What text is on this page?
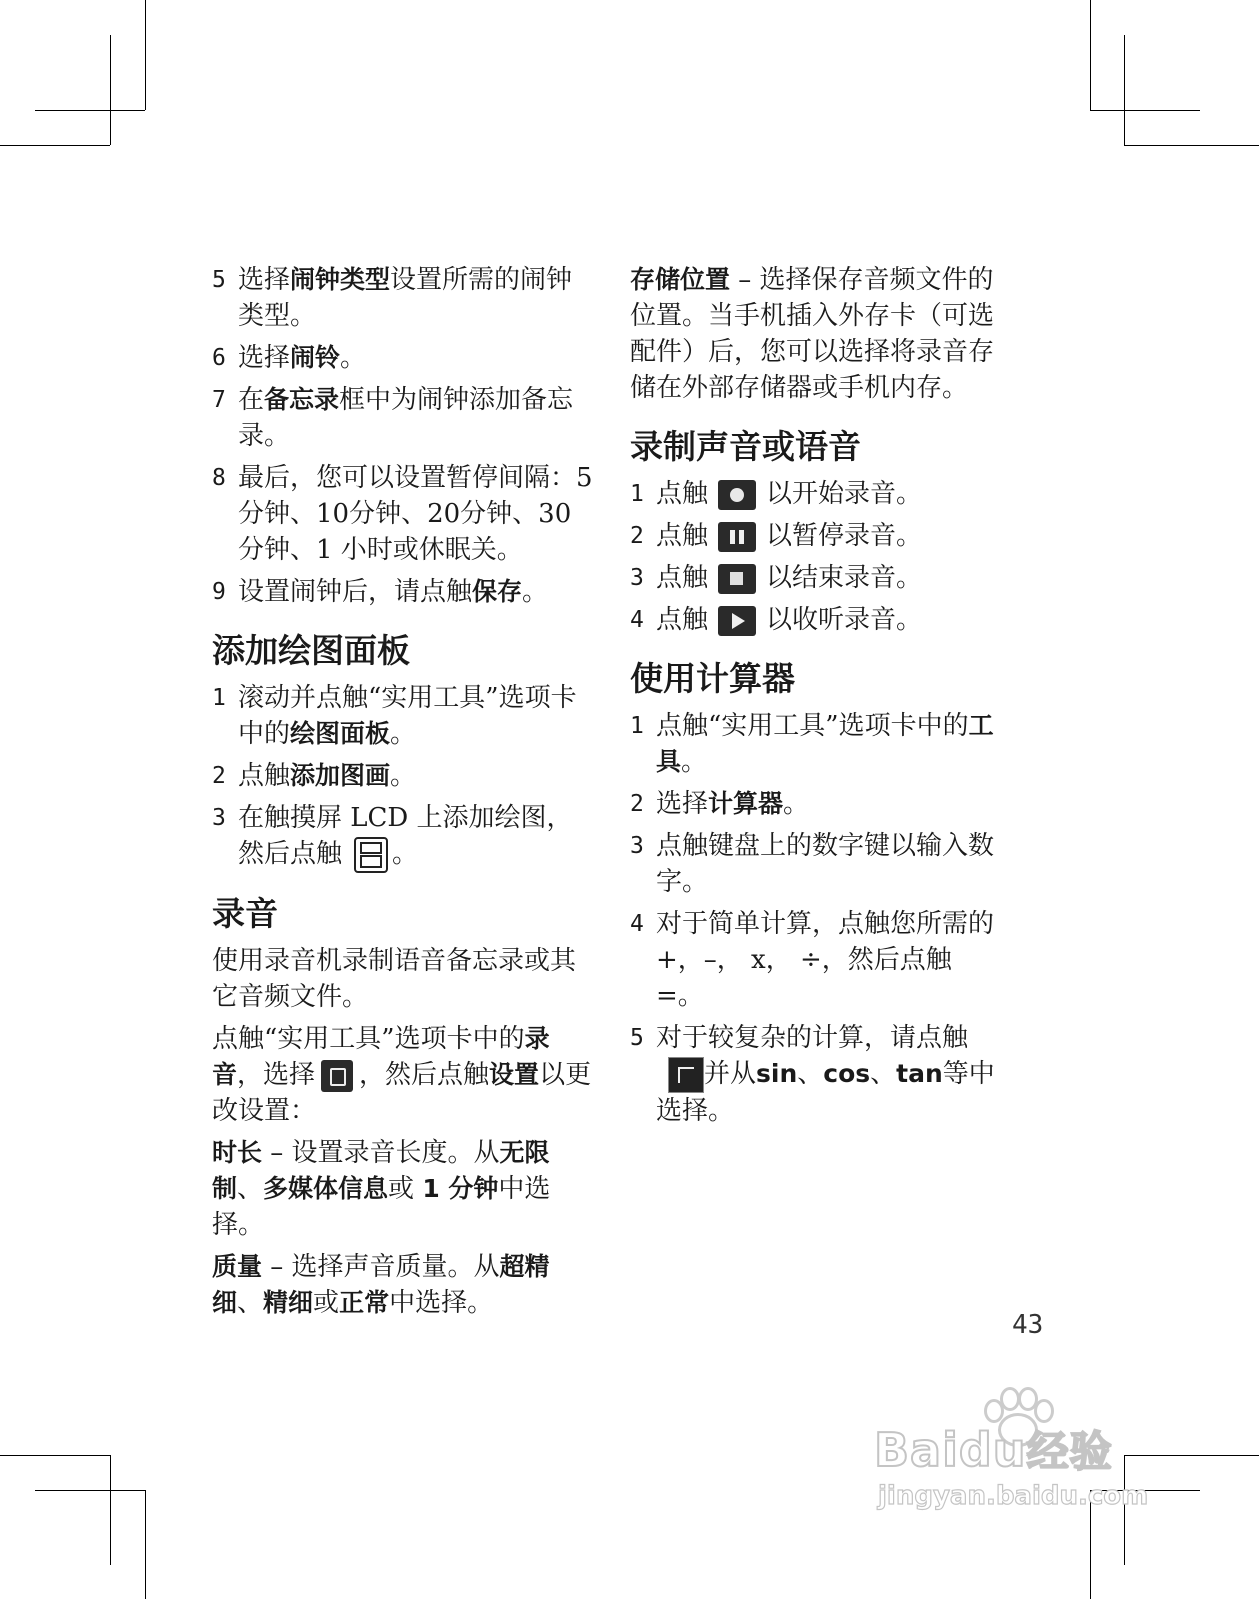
5 选择闹钟类型设置所需的闹钟类型。
6 选择闹铃。
7 在备忘录框中为闹钟添加备忘录。
8 最后，您可以设置暂停间隔：5 分钟、10分钟、20分钟、30 分钟、1 小时或休眠关。
9 设置闹钟后，请点触保存。
添加绘图面板
1 滚动并点触“实用工具”选项卡中的绘图面板。
2 点触添加图画。
3 在触摸屏 LCD 上添加绘图，然后点触 。
录音

使用录音机录制语音备忘录或其它音频文件。

点触“实用工具”选项卡中的录音，选择 ，然后点触设置以更改设置：

时长 – 设置录音长度。从无限制、多媒体信息或 1 分钟中选择。

质量 – 选择声音质量。从超精细、精细或正常中选择。

存储位置 – 选择保存音频文件的位置。当手机插入外存卡（可选配件）后，您可以选择将录音存储在外部存储器或手机内存。

录制声音或语音
1 点触 以开始录音。
2 点触 以暂停录音。
3 点触 以结束录音。
4 点触 以收听录音。
使用计算器
1 点触“实用工具”选项卡中的工具。
2 选择计算器。
3 点触键盘上的数字键以输入数字。
4 对于简单计算，点触您所需的 +，–， x， ÷，然后点触 =。
5 对于较复杂的计算，请点触并从sin、cos、tan等中选择。
43
Baidu经验
jingyan.baidu.com
